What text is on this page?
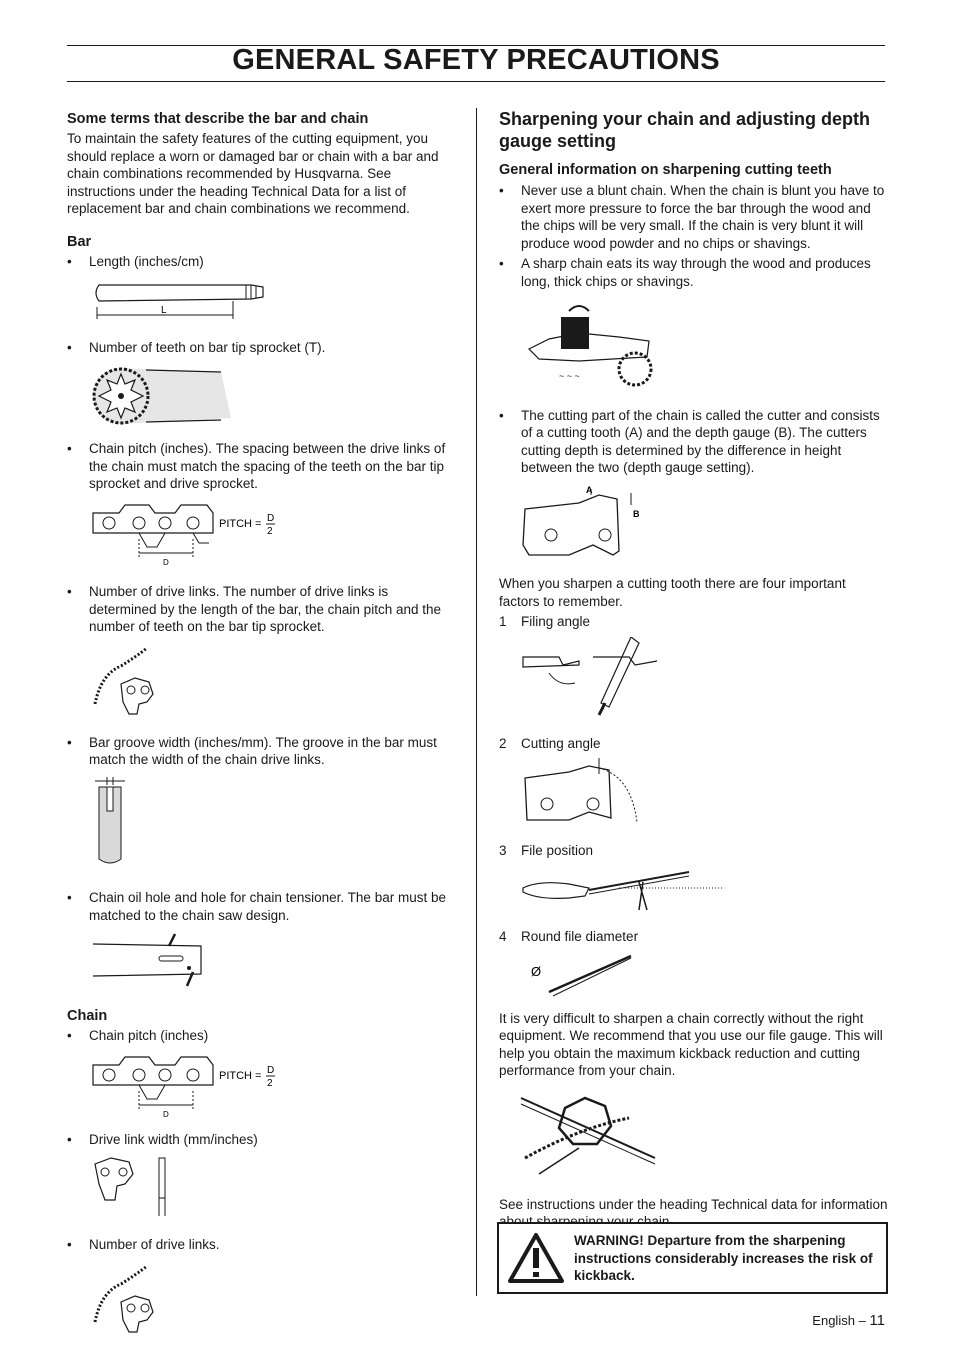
GENERAL SAFETY PRECAUTIONS
Some terms that describe the bar and chain
To maintain the safety features of the cutting equipment, you should replace a worn or damaged bar or chain with a bar and chain combinations recommended by Husqvarna. See instructions under the heading Technical Data for a list of replacement bar and chain combinations we recommend.
Bar
• Length (inches/cm)
L
• Number of teeth on bar tip sprocket (T).
• Chain pitch (inches). The spacing between the drive links of the chain must match the spacing of the teeth on the bar tip sprocket and drive sprocket.
D
PITCH = D
2
• Number of drive links. The number of drive links is determined by the length of the bar, the chain pitch and the number of teeth on the bar tip sprocket.
• Bar groove width (inches/mm). The groove in the bar must match the width of the chain drive links.
• Chain oil hole and hole for chain tensioner. The bar must be matched to the chain saw design.
Chain
• Chain pitch (inches)
D
PITCH = D
2
• Drive link width (mm/inches)
• Number of drive links.
Sharpening your chain and adjusting depth gauge setting
General information on sharpening cutting teeth
• Never use a blunt chain. When the chain is blunt you have to exert more pressure to force the bar through the wood and the chips will be very small. If the chain is very blunt it will produce wood powder and no chips or shavings.
• A sharp chain eats its way through the wood and produces long, thick chips or shavings.
~ ~ ~
• The cutting part of the chain is called the cutter and consists of a cutting tooth (A) and the depth gauge (B). The cutters cutting depth is determined by the difference in height between the two (depth gauge setting).
A
B
When you sharpen a cutting tooth there are four important factors to remember.
1 Filing angle
2 Cutting angle
3 File position
4 Round file diameter
Ø
It is very difficult to sharpen a chain correctly without the right equipment. We recommend that you use our file gauge. This will help you obtain the maximum kickback reduction and cutting performance from your chain.
See instructions under the heading Technical data for information
WARNING! Departure from the sharpening instructions considerably increases the risk of kickback.
English – 11
